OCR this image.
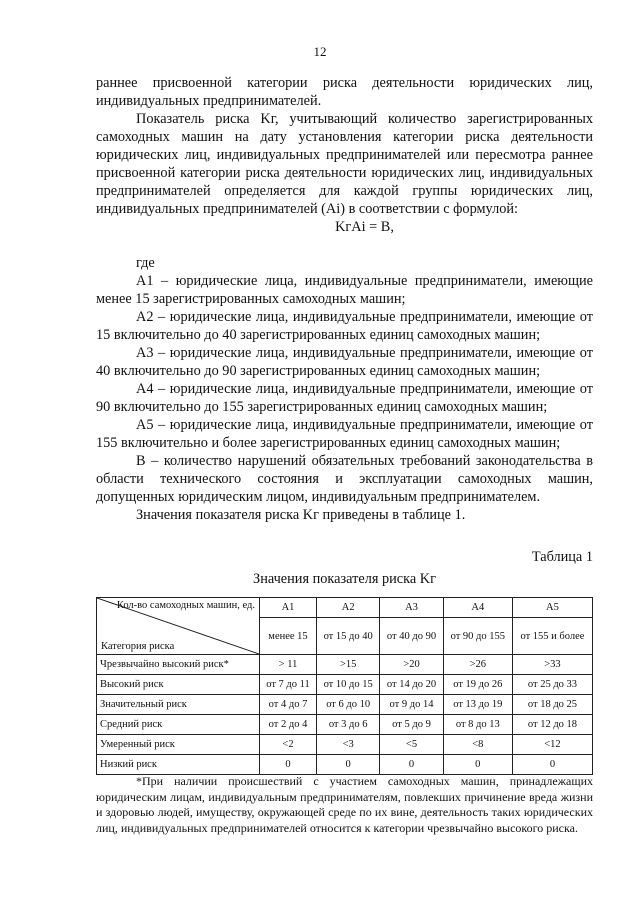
12

раннее присвоенной категории риска деятельности юридических лиц, индивидуальных предпринимателей.

Показатель риска Kг, учитывающий количество зарегистрированных самоходных машин на дату установления категории риска деятельности юридических лиц, индивидуальных предпринимателей или пересмотра раннее присвоенной категории риска деятельности юридических лиц, индивидуальных предпринимателей определяется для каждой группы юридических лиц, индивидуальных предпринимателей (Ai) в соответствии с формулой:

KгAi = B,

где

A1 – юридические лица, индивидуальные предприниматели, имеющие менее 15 зарегистрированных самоходных машин;

A2 – юридические лица, индивидуальные предприниматели, имеющие от 15 включительно до 40 зарегистрированных единиц самоходных машин;

A3 – юридические лица, индивидуальные предприниматели, имеющие от 40 включительно до 90 зарегистрированных единиц самоходных машин;

A4 – юридические лица, индивидуальные предприниматели, имеющие от 90 включительно до 155 зарегистрированных единиц самоходных машин;

A5 – юридические лица, индивидуальные предприниматели, имеющие от 155 включительно и более зарегистрированных единиц самоходных машин;

B – количество нарушений обязательных требований законодательства в области технического состояния и эксплуатации самоходных машин, допущенных юридическим лицом, индивидуальным предпринимателем.

Значения показателя риска Kг приведены в таблице 1.

Таблица 1
Значения показателя риска Kг
Кол-во самоходных машин, ед.
Категория риска	A1	A2	A3	A4	A5
	менее 15	от 15 до 40	от 40 до 90	от 90 до 155	от 155 и более
Чрезвычайно высокий риск*	> 11	>15	>20	>26	>33
Высокий риск	от 7 до 11	от 10 до 15	от 14 до 20	от 19 до 26	от 25 до 33
Значительный риск	от 4 до 7	от 6 до 10	от 9 до 14	от 13 до 19	от 18 до 25
Средний риск	от 2 до 4	от 3 до 6	от 5 до 9	от 8 до 13	от 12 до 18
Умеренный риск	<2	<3	<5	<8	<12
Низкий риск	0	0	0	0	0
*При наличии происшествий с участием самоходных машин, принадлежащих юридическим лицам, индивидуальным предпринимателям, повлекших причинение вреда жизни и здоровью людей, имуществу, окружающей среде по их вине, деятельность таких юридических лиц, индивидуальных предпринимателей относится к категории чрезвычайно высокого риска.
